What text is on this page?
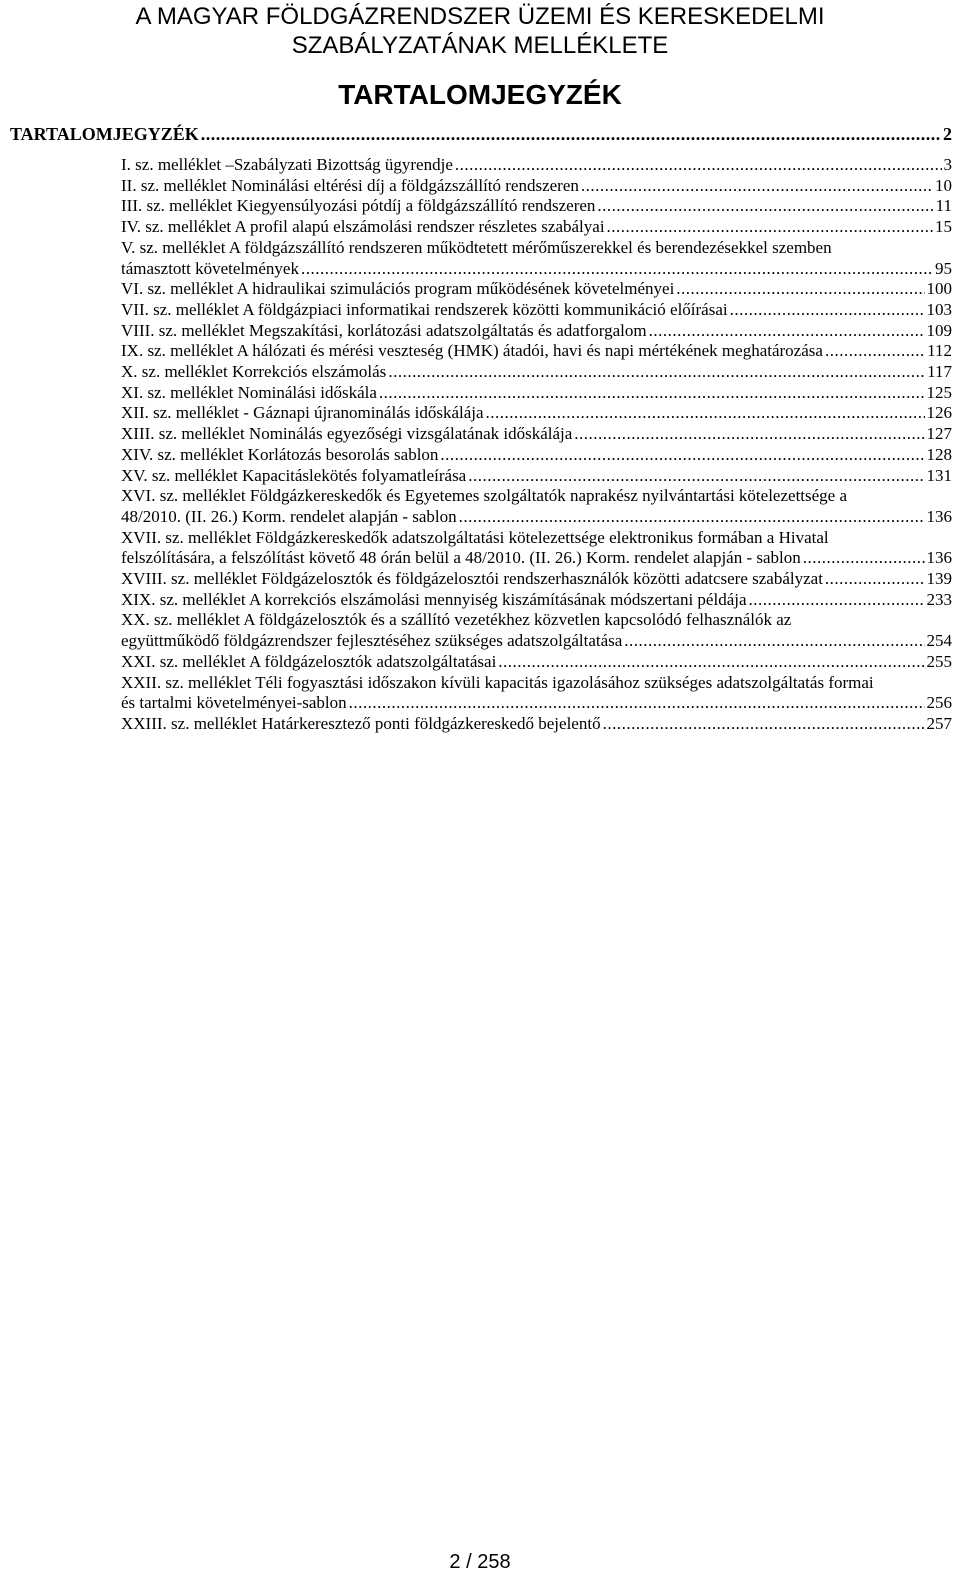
A MAGYAR FÖLDGÁZRENDSZER ÜZEMI ÉS KERESKEDELMI
SZABÁLYZATÁNAK MELLÉKLETE
TARTALOMJEGYZÉK
TARTALOMJEGYZÉK .....	2
I. sz. melléklet –Szabályzati Bizottság ügyrendje .....	3
II. sz. melléklet Nominálási eltérési díj a földgázszállító rendszeren .....	10
III. sz. melléklet Kiegyensúlyozási pótdíj a földgázszállító rendszeren .....	11
IV. sz. melléklet A profil alapú elszámolási rendszer részletes szabályai .....	15
V. sz. melléklet A földgázszállító rendszeren működtetett mérőműszerekkel és berendezésekkel szemben
támasztott követelmények .....	95
VI. sz. melléklet A hidraulikai szimulációs program működésének követelményei .....	100
VII. sz. melléklet A földgázpiaci informatikai rendszerek közötti kommunikáció előírásai .....	103
VIII. sz. melléklet Megszakítási, korlátozási adatszolgáltatás és adatforgalom .....	109
IX. sz. melléklet A hálózati és mérési veszteség (HMK) átadói, havi és napi mértékének meghatározása .....	112
X. sz. melléklet Korrekciós elszámolás .....	117
XI. sz. melléklet Nominálási időskála .....	125
XII. sz. melléklet - Gáznapi újranominálás időskálája .....	126
XIII. sz. melléklet Nominálás egyezőségi vizsgálatának időskálája .....	127
XIV. sz. melléklet Korlátozás besorolás sablon .....	128
XV. sz. melléklet Kapacitáslekötés folyamatleírása .....	131
XVI. sz. melléklet Földgázkereskedők és Egyetemes szolgáltatók naprakész nyilvántartási kötelezettsége a
48/2010. (II. 26.) Korm. rendelet alapján - sablon .....	136
XVII. sz. melléklet Földgázkereskedők adatszolgáltatási kötelezettsége elektronikus formában a Hivatal
felszólítására, a felszólítást követő 48 órán belül a 48/2010. (II. 26.) Korm. rendelet alapján - sablon .....	136
XVIII. sz. melléklet Földgázelosztók és földgázelosztói rendszerhasználók közötti adatcsere szabályzat .....	139
XIX. sz. melléklet A korrekciós elszámolási mennyiség kiszámításának módszertani példája .....	233
XX. sz. melléklet A földgázelosztók és a szállító vezetékhez közvetlen kapcsolódó felhasználók az
együttműködő földgázrendszer fejlesztéséhez szükséges adatszolgáltatása .....	254
XXI. sz. melléklet A földgázelosztók adatszolgáltatásai .....	255
XXII. sz. melléklet Téli fogyasztási időszakon kívüli kapacitás igazolásához szükséges adatszolgáltatás formai
és tartalmi követelményei-sablon .....	256
XXIII. sz. melléklet Határkeresztező ponti földgázkereskedő bejelentő .....	257
2 / 258
